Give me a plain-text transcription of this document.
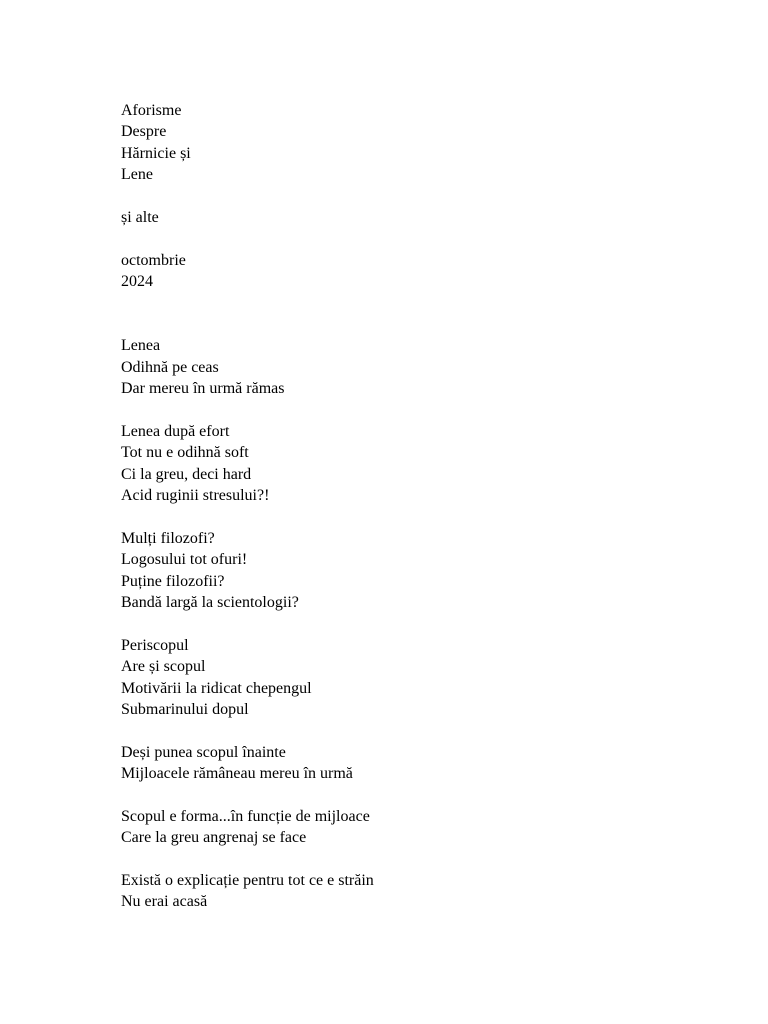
Aforisme
Despre
Hărnicie și
Lene
și alte
octombrie
2024
Lenea
Odihnă pe ceas
Dar mereu în urmă rămas
Lenea după efort
Tot nu e odihnă soft
Ci la greu, deci hard
Acid ruginii stresului?!
Mulți filozofi?
Logosului tot ofuri!
Puține filozofii?
Bandă largă la scientologii?
Periscopul
Are și scopul
Motivării la ridicat chepengul
Submarinului dopul
Deși punea scopul înainte
Mijloacele rămâneau mereu în urmă
Scopul e forma...în funcție de mijloace
Care la greu angrenaj se face
Există o explicație pentru tot ce e străin
Nu erai acasă
